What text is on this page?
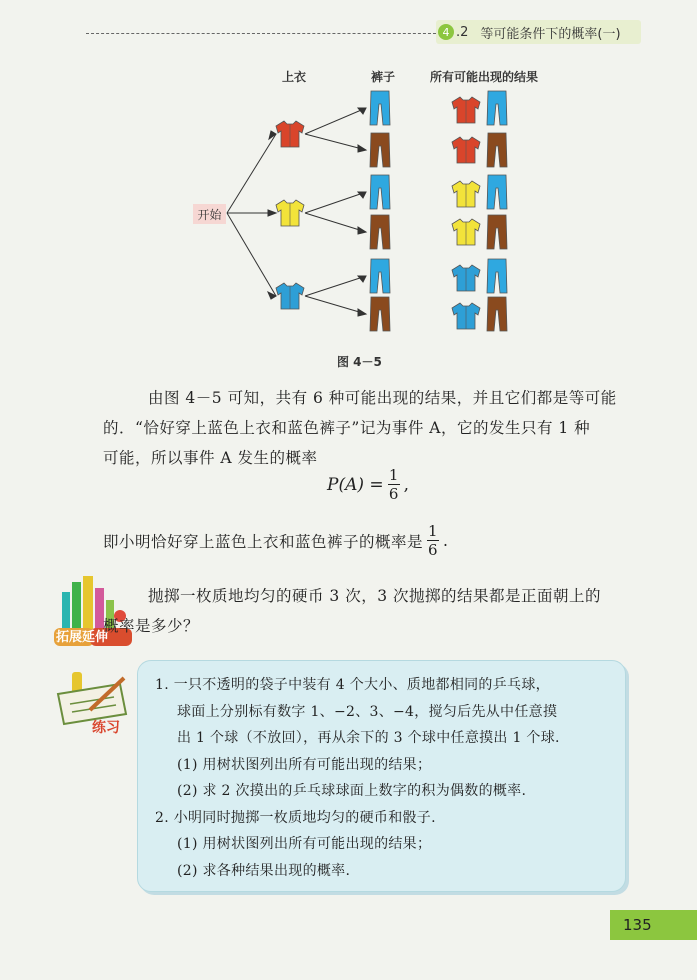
4 .2 等可能条件下的概率(一)
上衣	裤子	所有可能出现的结果
开始
图 4－5

由图 4－5 可知，共有 6 种可能出现的结果，并且它们都是等可能

的．“恰好穿上蓝色上衣和蓝色裤子”记为事件 A，它的发生只有 1 种

可能，所以事件 A 发生的概率

$P(A) = \frac{1}{6}$ ,
即小明恰好穿上蓝色上衣和蓝色裤子的概率是 $\frac{1}{6}$ .
拓展延伸
抛掷一枚质地均匀的硬币 3 次，3 次抛掷的结果都是正面朝上的
概率是多少？
练习
1. 一只不透明的袋子中装有 4 个大小、质地都相同的乒乓球，
球面上分别标有数字 1、−2、3、−4，搅匀后先从中任意摸
出 1 个球（不放回），再从余下的 3 个球中任意摸出 1 个球.
(1) 用树状图列出所有可能出现的结果；
(2) 求 2 次摸出的乒乓球球面上数字的积为偶数的概率.
2. 小明同时抛掷一枚质地均匀的硬币和骰子.
(1) 用树状图列出所有可能出现的结果；
(2) 求各种结果出现的概率.
135
